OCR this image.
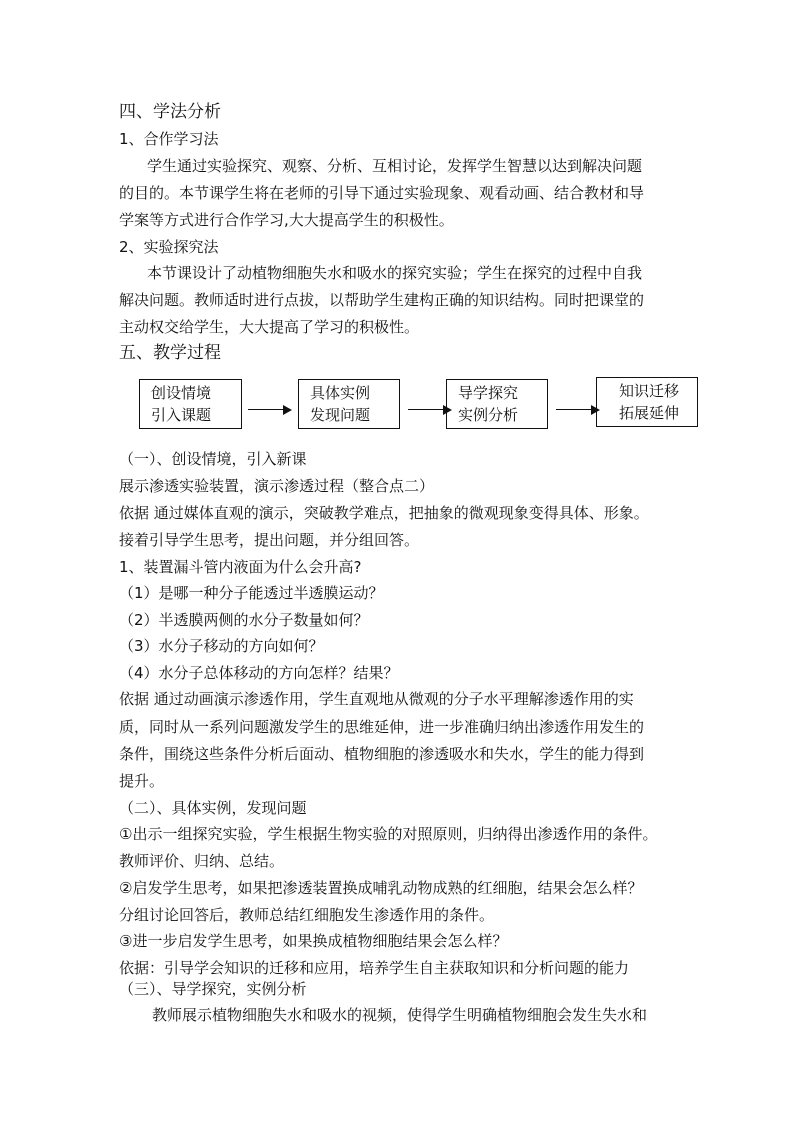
四、学法分析
1、合作学习法
学生通过实验探究、观察、分析、互相讨论，发挥学生智慧以达到解决问题
的目的。本节课学生将在老师的引导下通过实验现象、观看动画、结合教材和导
学案等方式进行合作学习,大大提高学生的积极性。
2、实验探究法
本节课设计了动植物细胞失水和吸水的探究实验；学生在探究的过程中自我
解决问题。教师适时进行点拔，以帮助学生建构正确的知识结构。同时把课堂的
主动权交给学生，大大提高了学习的积极性。
五、教学过程
创设情境
引入课题
具体实例
发现问题
导学探究
实例分析
知识迁移
拓展延伸
（一）、创设情境，引入新课
展示渗透实验装置，演示渗透过程（整合点二）
依据 通过媒体直观的演示，突破教学难点，把抽象的微观现象变得具体、形象。
接着引导学生思考，提出问题，并分组回答。
1、装置漏斗管内液面为什么会升高?
（1）是哪一种分子能透过半透膜运动？
（2）半透膜两侧的水分子数量如何？
（3）水分子移动的方向如何？
（4）水分子总体移动的方向怎样？结果？
依据 通过动画演示渗透作用，学生直观地从微观的分子水平理解渗透作用的实
质，同时从一系列问题激发学生的思维延伸，进一步准确归纳出渗透作用发生的
条件，围绕这些条件分析后面动、植物细胞的渗透吸水和失水，学生的能力得到
提升。
（二）、具体实例，发现问题
①出示一组探究实验，学生根据生物实验的对照原则，归纳得出渗透作用的条件。
教师评价、归纳、总结。
②启发学生思考，如果把渗透装置换成哺乳动物成熟的红细胞，结果会怎么样？
分组讨论回答后，教师总结红细胞发生渗透作用的条件。
③进一步启发学生思考，如果换成植物细胞结果会怎么样？
依据：引导学会知识的迁移和应用，培养学生自主获取知识和分析问题的能力
（三）、导学探究，实例分析
教师展示植物细胞失水和吸水的视频，使得学生明确植物细胞会发生失水和
